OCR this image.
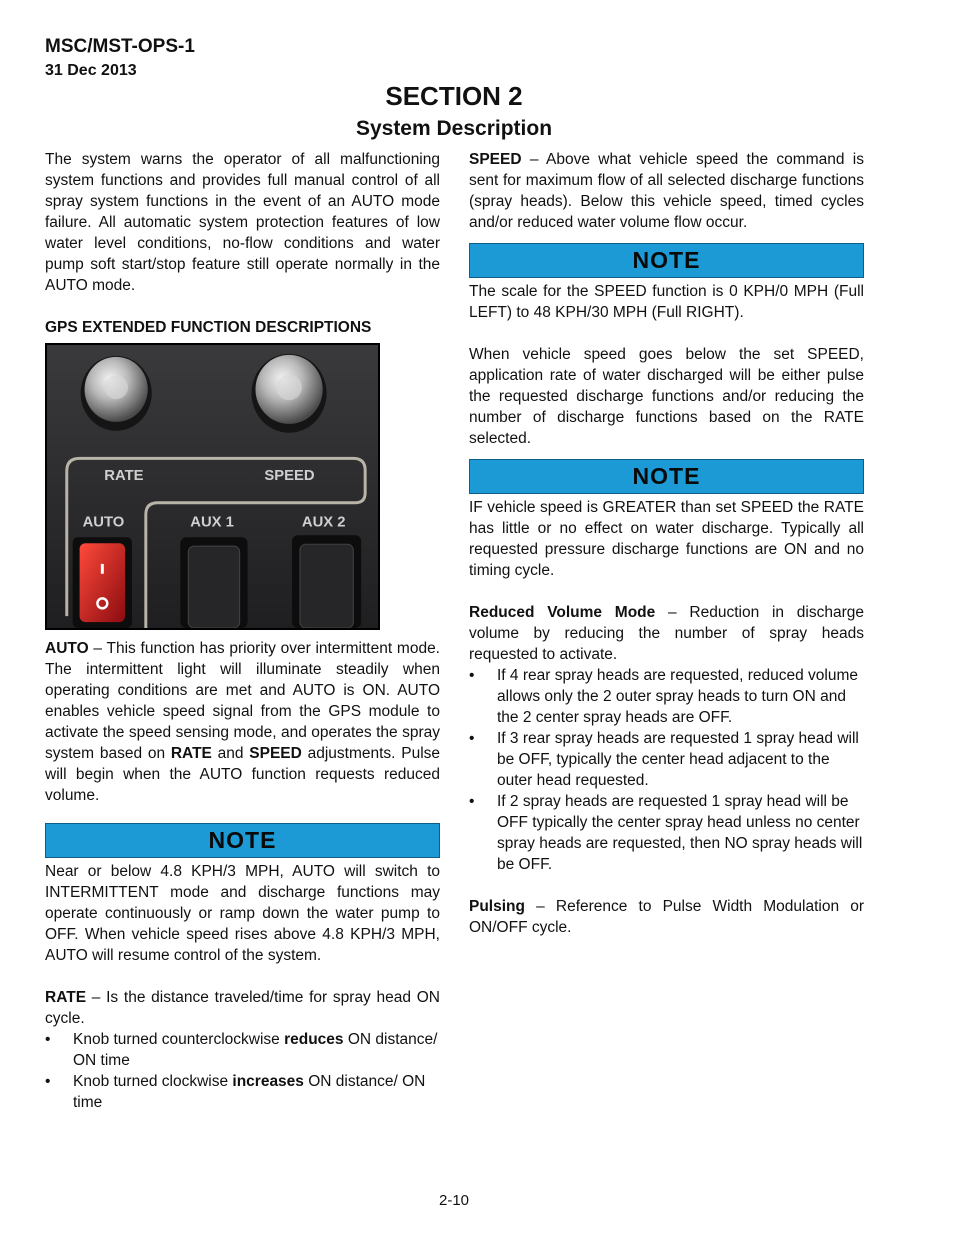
MSC/MST-OPS-1
31 Dec 2013
SECTION 2
System Description

The system warns the operator of all malfunctioning system functions and provides full manual control of all spray system functions in the event of an AUTO mode failure. All automatic system protection features of low water level conditions, no-flow conditions and water pump soft start/stop feature still operate normally in the AUTO mode.

GPS EXTENDED FUNCTION DESCRIPTIONS

RATE	SPEED
AUTO	AUX 1	AUX 2

AUTO – This function has priority over intermittent mode. The intermittent light will illuminate steadily when operating conditions are met and AUTO is ON. AUTO enables vehicle speed signal from the GPS module to activate the speed sensing mode, and operates the spray system based on RATE and SPEED adjustments. Pulse will begin when the AUTO function requests reduced volume.

NOTE

Near or below 4.8 KPH/3 MPH, AUTO will switch to INTERMITTENT mode and discharge functions may operate continuously or ramp down the water pump to OFF. When vehicle speed rises above 4.8 KPH/3 MPH, AUTO will resume control of the system.

RATE – Is the distance traveled/time for spray head ON cycle.

• Knob turned counterclockwise reduces ON distance/ ON time
• Knob turned clockwise increases ON distance/ ON time

SPEED – Above what vehicle speed the command is sent for maximum flow of all selected discharge functions (spray heads). Below this vehicle speed, timed cycles and/or reduced water volume flow occur.

NOTE

The scale for the SPEED function is 0 KPH/0 MPH (Full LEFT) to 48 KPH/30 MPH (Full RIGHT).

When vehicle speed goes below the set SPEED, application rate of water discharged will be either pulse the requested discharge functions and/or reducing the number of discharge functions based on the RATE selected.

NOTE

IF vehicle speed is GREATER than set SPEED the RATE has little or no effect on water discharge. Typically all requested pressure discharge functions are ON and no timing cycle.

Reduced Volume Mode – Reduction in discharge volume by reducing the number of spray heads requested to activate.

• If 4 rear spray heads are requested, reduced volume allows only the 2 outer spray heads to turn ON and the 2 center spray heads are OFF.
• If 3 rear spray heads are requested 1 spray head will be OFF, typically the center head adjacent to the outer head requested.
• If 2 spray heads are requested 1 spray head will be OFF typically the center spray head unless no center spray heads are requested, then NO spray heads will be OFF.

Pulsing – Reference to Pulse Width Modulation or ON/OFF cycle.

2-10
